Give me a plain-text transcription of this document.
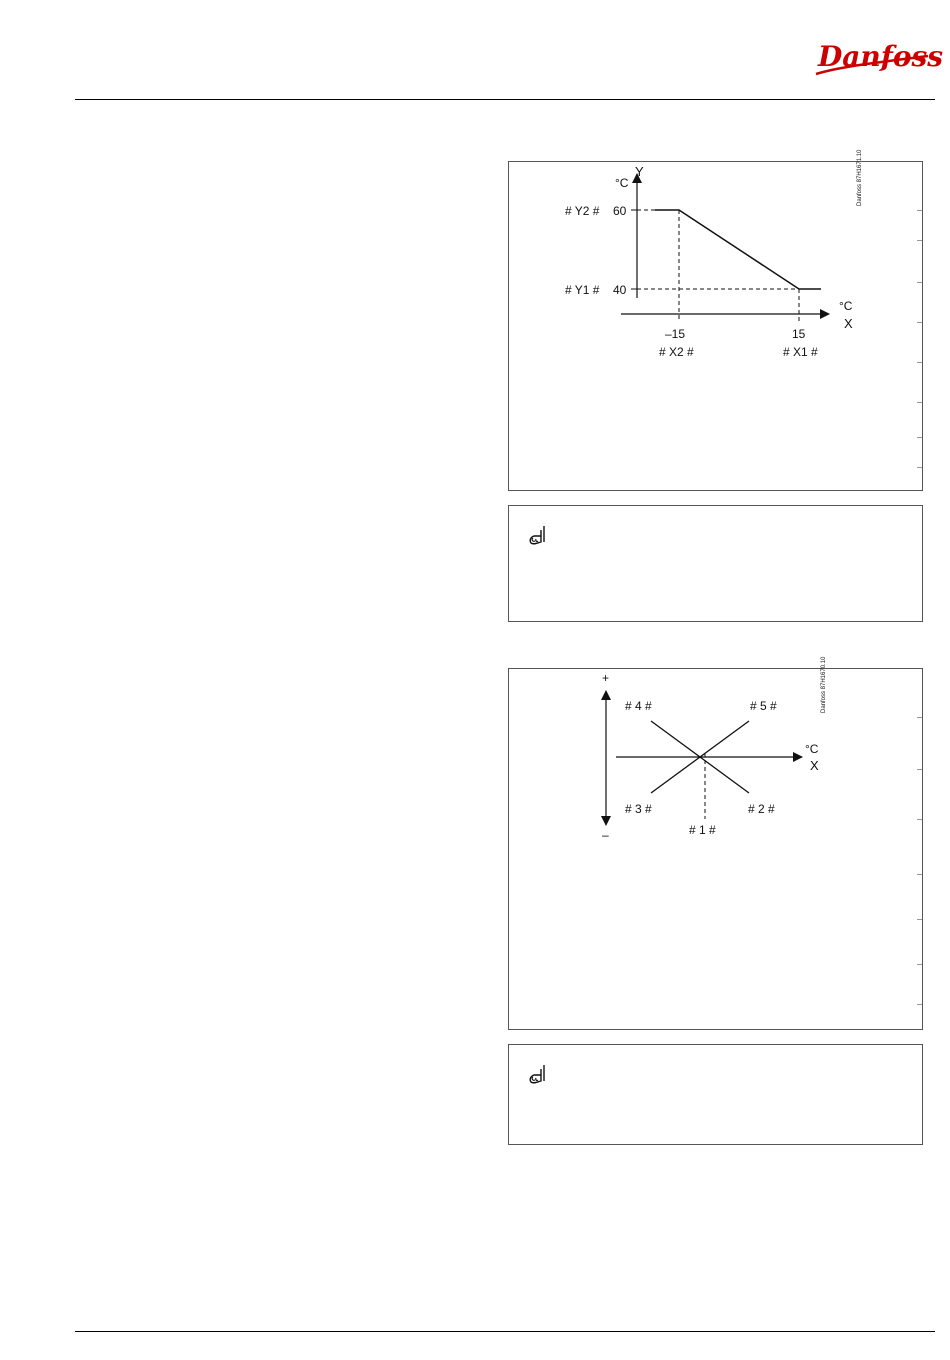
Danfoss
Y
°C
# Y2 # 60
# Y1 # 40
°C
X
–15
# X2 #
15
# X1 #
Danfoss 87H1671.10
+
–
# 4 #	# 5 #
# 3 #	# 2 #
# 1 #
°C
X
Danfoss 87H1670.10
